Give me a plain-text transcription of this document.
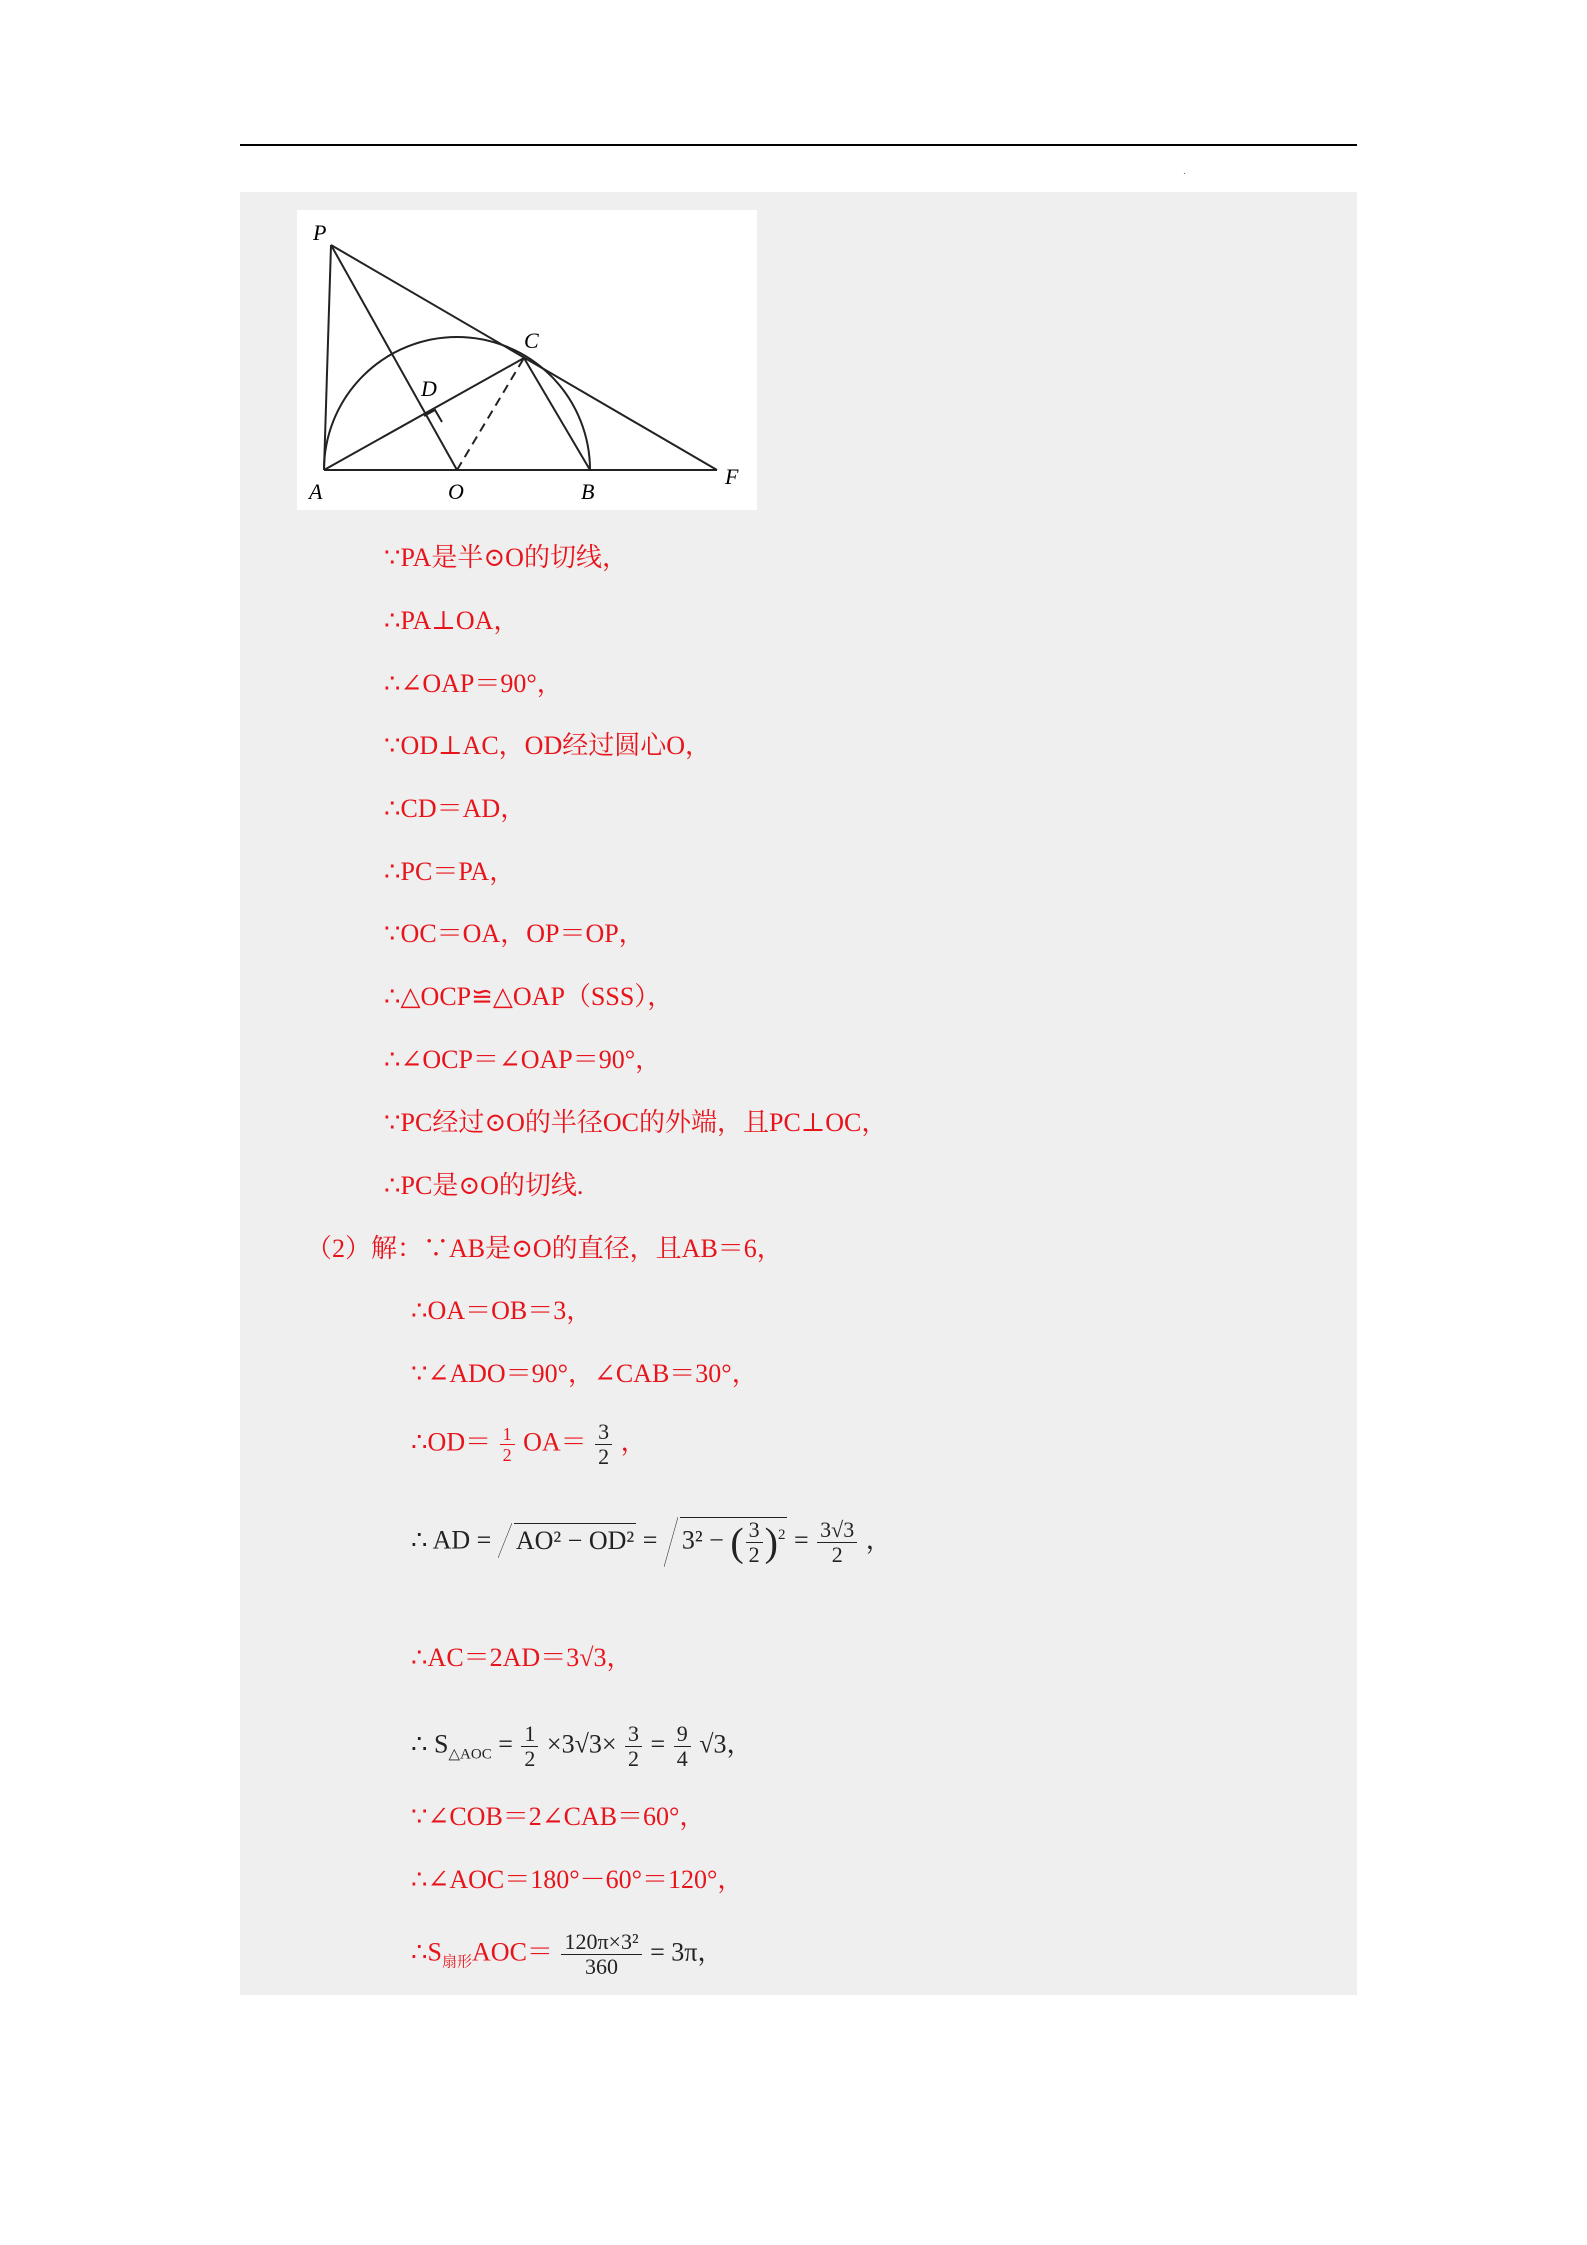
.
P
C
D
A	O	B
F
∵PA是半⊙O的切线，
∴PA⊥OA，
∴∠OAP＝90°，
∵OD⊥AC，OD经过圆心O，
∴CD＝AD，
∴PC＝PA，
∵OC＝OA，OP＝OP，
∴△OCP≌△OAP（SSS），
∴∠OCP＝∠OAP＝90°，
∵PC经过⊙O的半径OC的外端，且PC⊥OC，
∴PC是⊙O的切线.
（2）解：∵AB是⊙O的直径，且AB＝6，
∴OA＝OB＝3，
∵∠ADO＝90°，∠CAB＝30°，
∴OD＝ $\frac{1}{2} OA= \frac{3}{2}$ ，
∴ AD = AO² − OD² = 3² − ( $\frac{3}{2} )^2 = \frac{3√3}{2}$ ，
∴AC＝2AD＝3√3，
∴ $S_{\triangle AOC} = \frac{1}{2} \times 3√3\times \frac{3}{2} = \frac{9}{4} √3$，
∵∠COB＝2∠CAB＝60°，
∴∠AOC＝180°－60°＝120°，
$\therefore S_{扇形}AOC= \frac{\text{120π×3²}}{360} = 3\pi$，
